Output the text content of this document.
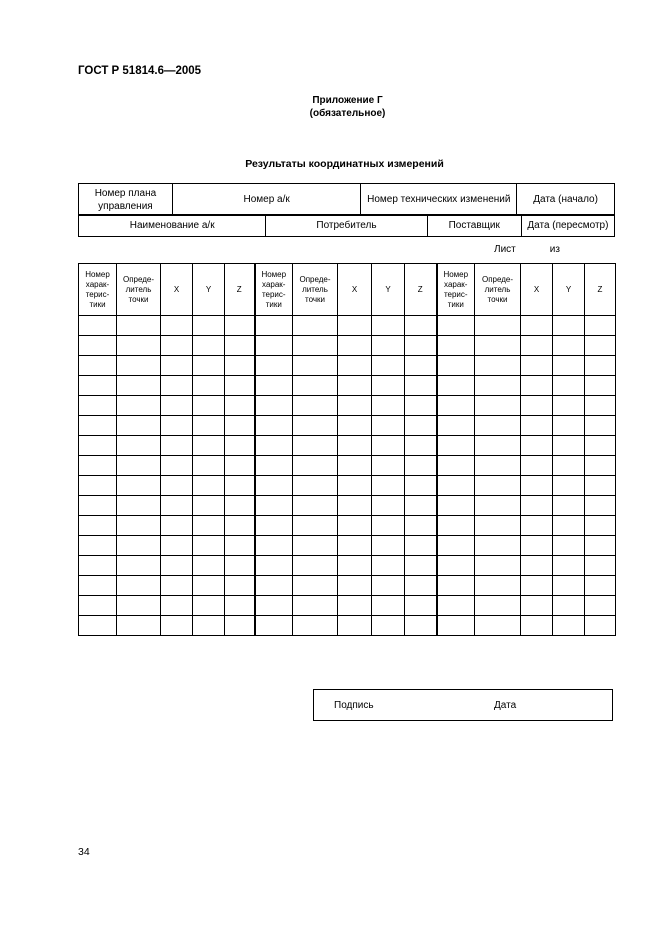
ГОСТ Р 51814.6—2005
Приложение Г
(обязательное)
Результаты координатных измерений
Номер плана управления	Номер а/к	Номер технических изменений	Дата (начало)
Наименование а/к	Потребитель	Поставщик	Дата (пересмотр)
Лист	из
Номер харак-терис-тики	Опреде-литель точки	X	Y	Z	Номер харак-терис-тики	Опреде-литель точки	X	Y	Z	Номер харак-терис-тики	Опреде-литель точки	X	Y	Z

Подпись	Дата
34
